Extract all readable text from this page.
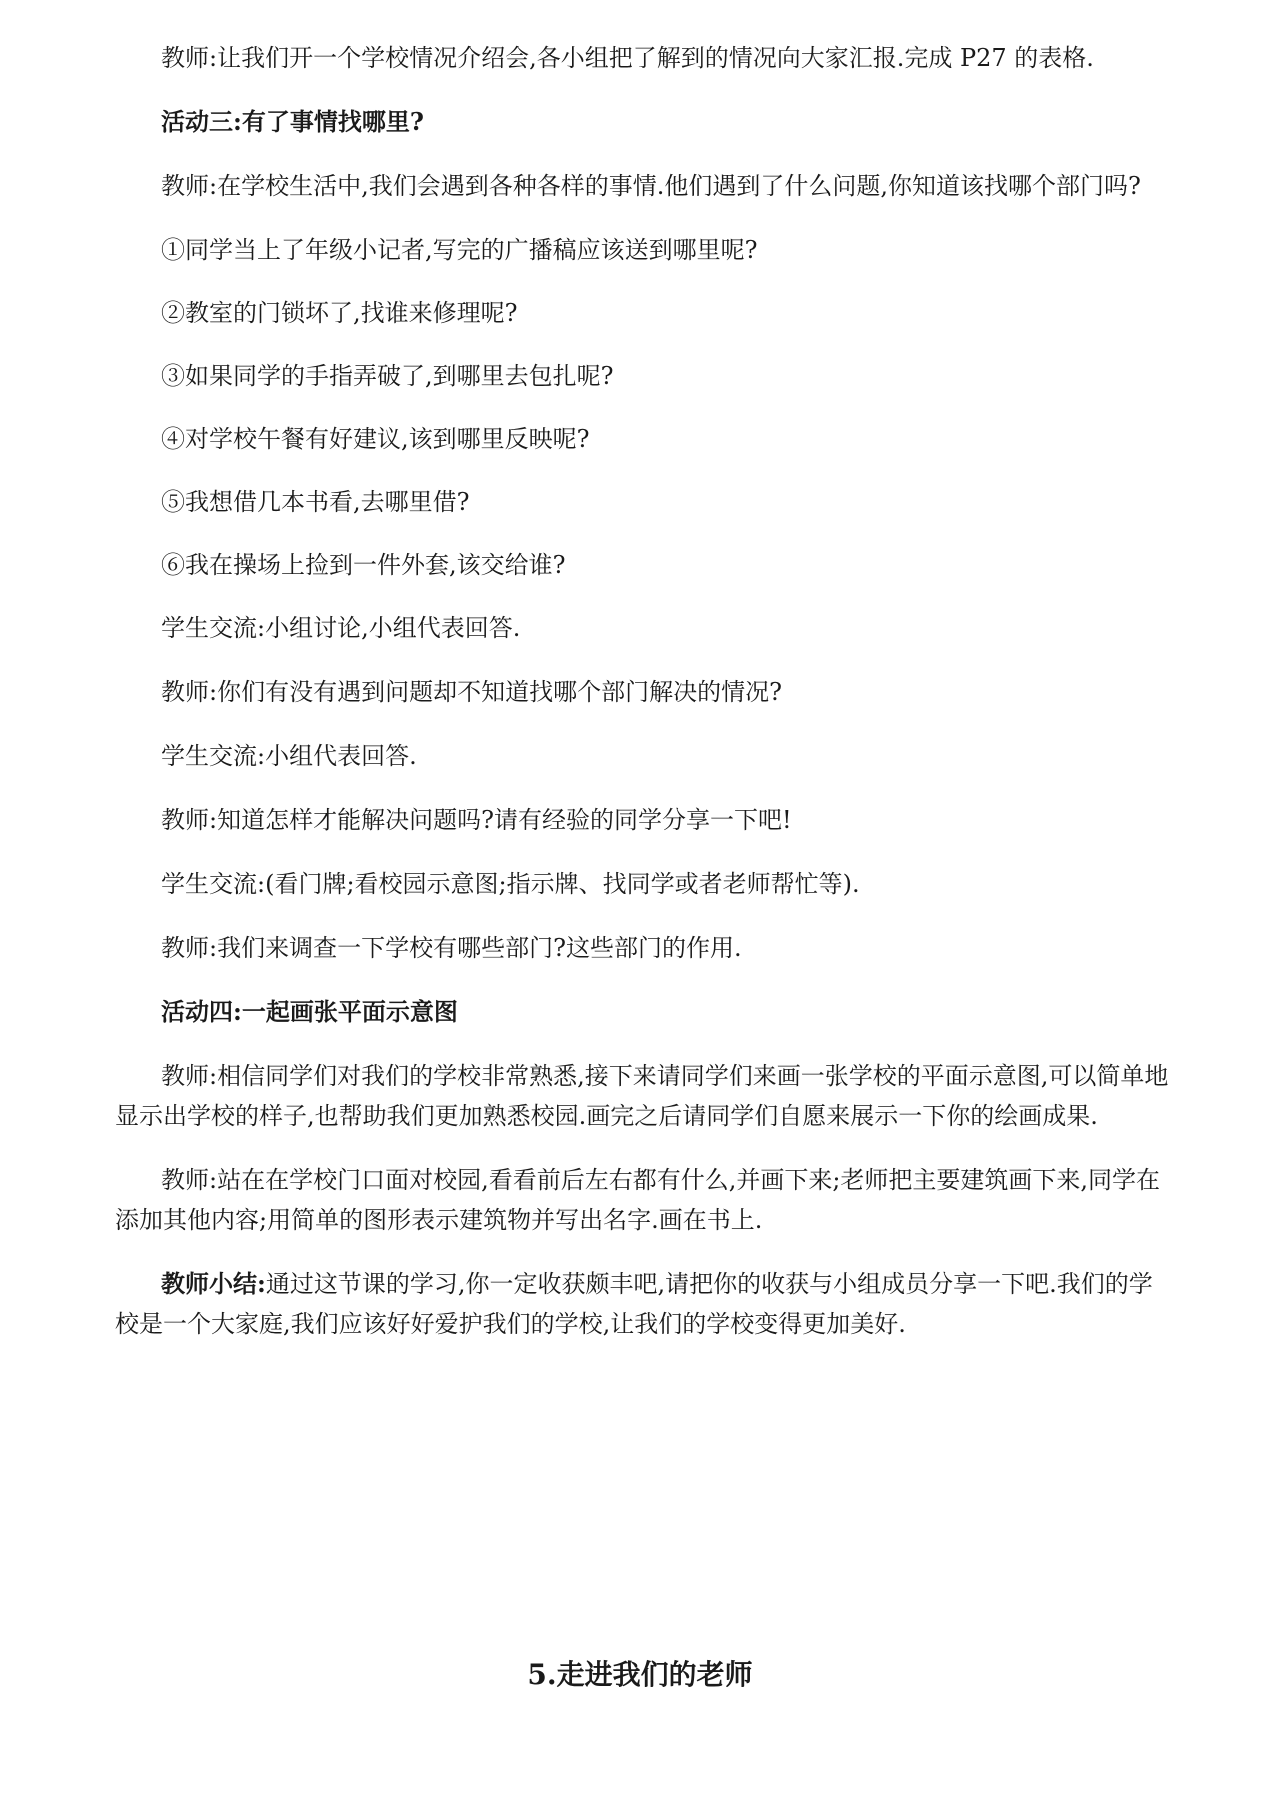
教师:让我们开一个学校情况介绍会,各小组把了解到的情况向大家汇报.完成 P27 的表格.

活动三:有了事情找哪里?

教师:在学校生活中,我们会遇到各种各样的事情.他们遇到了什么问题,你知道该找哪个部门吗?

①同学当上了年级小记者,写完的广播稿应该送到哪里呢?

②教室的门锁坏了,找谁来修理呢?

③如果同学的手指弄破了,到哪里去包扎呢?

④对学校午餐有好建议,该到哪里反映呢?

⑤我想借几本书看,去哪里借?

⑥我在操场上捡到一件外套,该交给谁?

学生交流:小组讨论,小组代表回答.

教师:你们有没有遇到问题却不知道找哪个部门解决的情况?

学生交流:小组代表回答.

教师:知道怎样才能解决问题吗?请有经验的同学分享一下吧!

学生交流:(看门牌;看校园示意图;指示牌、找同学或者老师帮忙等).

教师:我们来调查一下学校有哪些部门?这些部门的作用.

活动四:一起画张平面示意图

教师:相信同学们对我们的学校非常熟悉,接下来请同学们来画一张学校的平面示意图,可以简单地显示出学校的样子,也帮助我们更加熟悉校园.画完之后请同学们自愿来展示一下你的绘画成果.

教师:站在在学校门口面对校园,看看前后左右都有什么,并画下来;老师把主要建筑画下来,同学在添加其他内容;用简单的图形表示建筑物并写出名字.画在书上.

教师小结:通过这节课的学习,你一定收获颇丰吧,请把你的收获与小组成员分享一下吧.我们的学校是一个大家庭,我们应该好好爱护我们的学校,让我们的学校变得更加美好.

5.走进我们的老师
